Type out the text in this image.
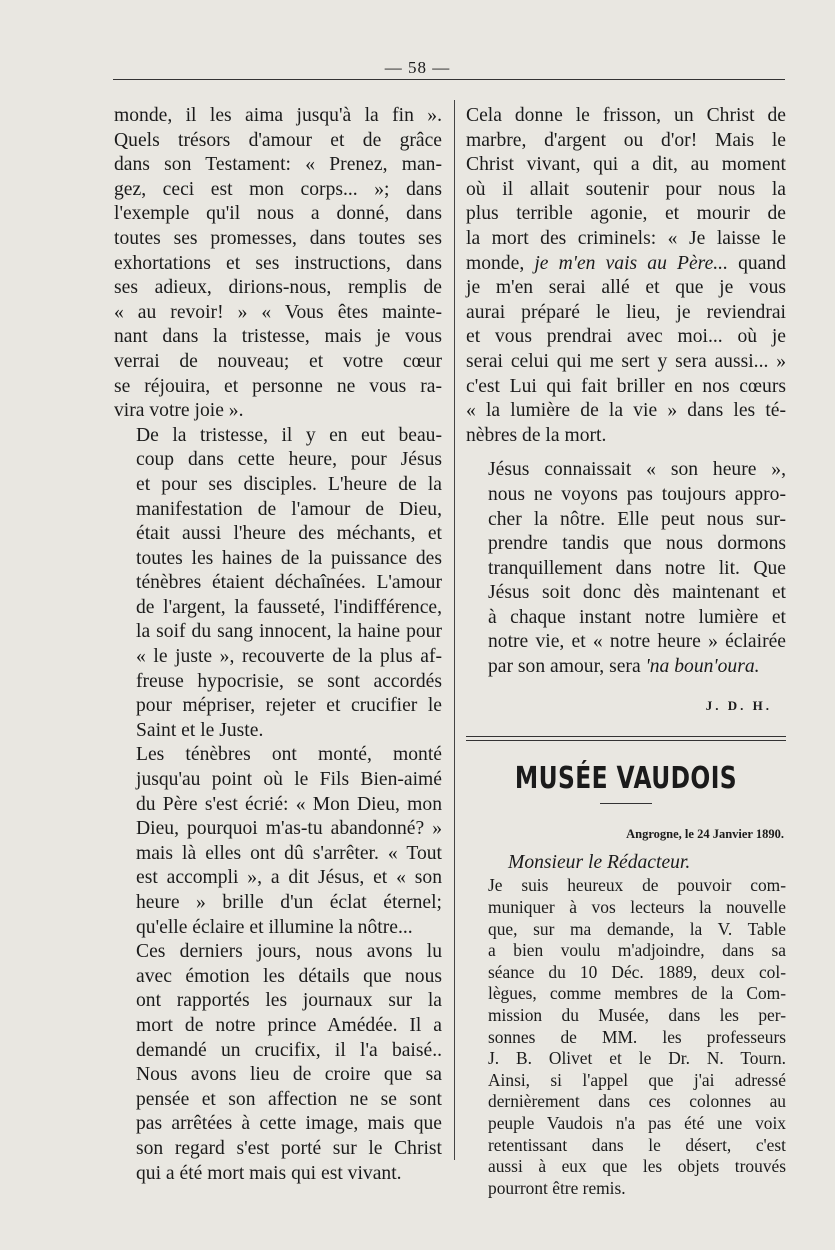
— 58 —

monde, il les aima jusqu'à la fin ».
Quels trésors d'amour et de grâce
dans son Testament: « Prenez, man-
gez, ceci est mon corps... »; dans
l'exemple qu'il nous a donné, dans
toutes ses promesses, dans toutes ses
exhortations et ses instructions, dans
ses adieux, dirions-nous, remplis de
« au revoir! » « Vous êtes mainte-
nant dans la tristesse, mais je vous
verrai de nouveau; et votre cœur
se réjouira, et personne ne vous ra-
vira votre joie ».

De la tristesse, il y en eut beau-
coup dans cette heure, pour Jésus
et pour ses disciples. L'heure de la
manifestation de l'amour de Dieu,
était aussi l'heure des méchants, et
toutes les haines de la puissance des
ténèbres étaient déchaînées. L'amour
de l'argent, la fausseté, l'indifférence,
la soif du sang innocent, la haine pour
« le juste », recouverte de la plus af-
freuse hypocrisie, se sont accordés
pour mépriser, rejeter et crucifier le
Saint et le Juste.

Les ténèbres ont monté, monté
jusqu'au point où le Fils Bien-aimé
du Père s'est écrié: « Mon Dieu, mon
Dieu, pourquoi m'as-tu abandonné? »
mais là elles ont dû s'arrêter. « Tout
est accompli », a dit Jésus, et « son
heure » brille d'un éclat éternel;
qu'elle éclaire et illumine la nôtre...

Ces derniers jours, nous avons lu
avec émotion les détails que nous
ont rapportés les journaux sur la
mort de notre prince Amédée. Il a
demandé un crucifix, il l'a baisé..
Nous avons lieu de croire que sa
pensée et son affection ne se sont
pas arrêtées à cette image, mais que
son regard s'est porté sur le Christ
qui a été mort mais qui est vivant.

Cela donne le frisson, un Christ de
marbre, d'argent ou d'or! Mais le
Christ vivant, qui a dit, au moment
où il allait soutenir pour nous la
plus terrible agonie, et mourir de
la mort des criminels: « Je laisse le
monde, je m'en vais au Père... quand
je m'en serai allé et que je vous
aurai préparé le lieu, je reviendrai
et vous prendrai avec moi... où je
serai celui qui me sert y sera aussi... »
c'est Lui qui fait briller en nos cœurs
« la lumière de la vie » dans les té-
nèbres de la mort.

Jésus connaissait « son heure »,
nous ne voyons pas toujours appro-
cher la nôtre. Elle peut nous sur-
prendre tandis que nous dormons
tranquillement dans notre lit. Que
Jésus soit donc dès maintenant et
à chaque instant notre lumière et
notre vie, et « notre heure » éclairée
par son amour, sera 'na boun'oura.

J. D. H.
MUSÉE VAUDOIS
Angrogne, le 24 Janvier 1890.
Monsieur le Rédacteur.

Je suis heureux de pouvoir com-
muniquer à vos lecteurs la nouvelle
que, sur ma demande, la V. Table
a bien voulu m'adjoindre, dans sa
séance du 10 Déc. 1889, deux col-
lègues, comme membres de la Com-
mission du Musée, dans les per-
sonnes de MM. les professeurs
J. B. Olivet et le Dr. N. Tourn.
Ainsi, si l'appel que j'ai adressé
dernièrement dans ces colonnes au
peuple Vaudois n'a pas été une voix
retentissant dans le désert, c'est
aussi à eux que les objets trouvés
pourront être remis.
